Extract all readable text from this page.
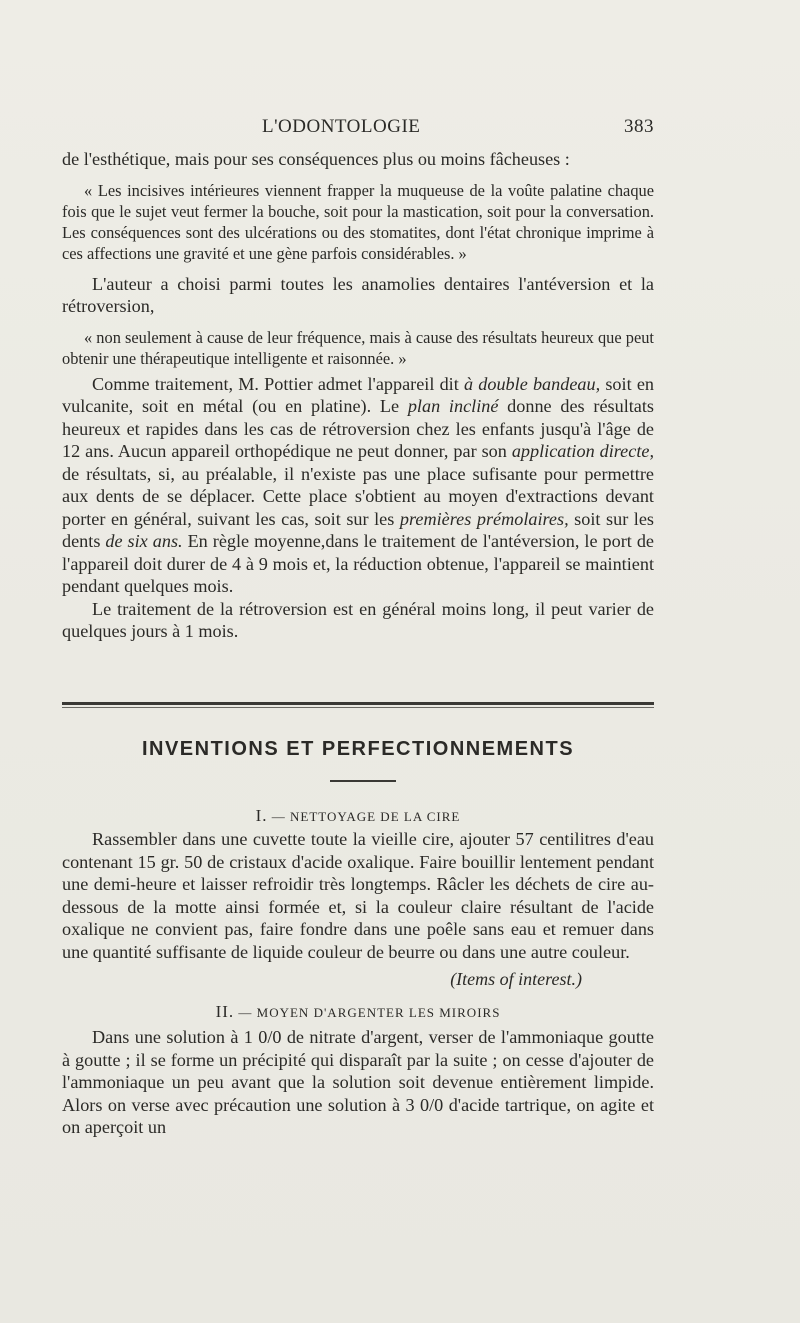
L'ODONTOLOGIE	383

de l'esthétique, mais pour ses conséquences plus ou moins fâcheuses :

« Les incisives intérieures viennent frapper la muqueuse de la voûte palatine chaque fois que le sujet veut fermer la bouche, soit pour la mastication, soit pour la conversation. Les conséquences sont des ulcérations ou des stomatites, dont l'état chronique imprime à ces affections une gravité et une gène parfois considérables. »

L'auteur a choisi parmi toutes les anamolies dentaires l'antéversion et la rétroversion,

« non seulement à cause de leur fréquence, mais à cause des résultats heureux que peut obtenir une thérapeutique intelligente et raisonnée. »

Comme traitement, M. Pottier admet l'appareil dit à double bandeau, soit en vulcanite, soit en métal (ou en platine). Le plan incliné donne des résultats heureux et rapides dans les cas de rétroversion chez les enfants jusqu'à l'âge de 12 ans. Aucun appareil orthopédique ne peut donner, par son application directe, de résultats, si, au préalable, il n'existe pas une place sufisante pour permettre aux dents de se déplacer. Cette place s'obtient au moyen d'extractions devant porter en général, suivant les cas, soit sur les premières prémolaires, soit sur les dents de six ans. En règle moyenne,dans le traitement de l'antéversion, le port de l'appareil doit durer de 4 à 9 mois et, la réduction obtenue, l'appareil se maintient pendant quelques mois.

Le traitement de la rétroversion est en général moins long, il peut varier de quelques jours à 1 mois.

INVENTIONS ET PERFECTIONNEMENTS
I. — NETTOYAGE DE LA CIRE

Rassembler dans une cuvette toute la vieille cire, ajouter 57 centilitres d'eau contenant 15 gr. 50 de cristaux d'acide oxalique. Faire bouillir lentement pendant une demi-heure et laisser refroidir très longtemps. Râcler les déchets de cire au-dessous de la motte ainsi formée et, si la couleur claire résultant de l'acide oxalique ne convient pas, faire fondre dans une poêle sans eau et remuer dans une quantité suffisante de liquide couleur de beurre ou dans une autre couleur.

(Items of interest.)

II. — MOYEN D'ARGENTER LES MIROIRS

Dans une solution à 1 0/0 de nitrate d'argent, verser de l'ammoniaque goutte à goutte ; il se forme un précipité qui disparaît par la suite ; on cesse d'ajouter de l'ammoniaque un peu avant que la solution soit devenue entièrement limpide. Alors on verse avec précaution une solution à 3 0/0 d'acide tartrique, on agite et on aperçoit un
